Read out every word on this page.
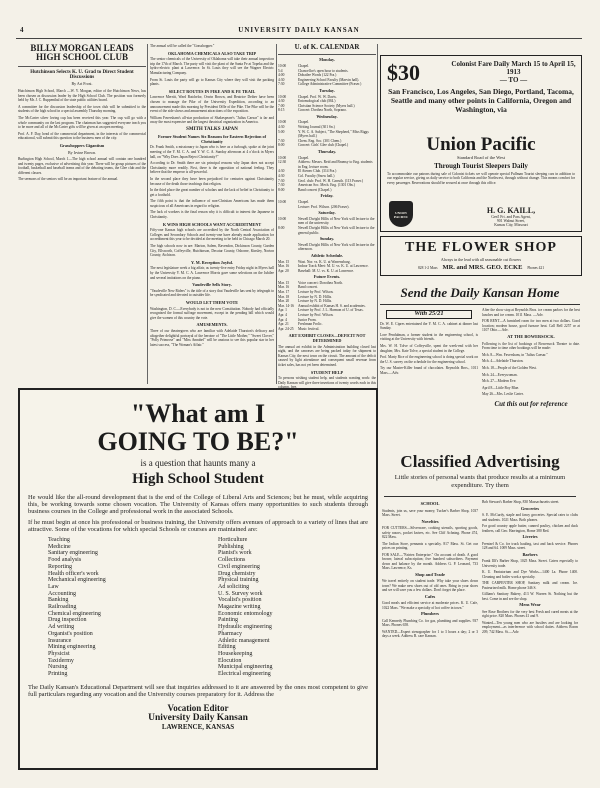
4	UNIVERSITY DAILY KANSAN
BILLY MORGAN LEADS HIGH SCHOOL CLUB
Hutchinson Selects K. U. Grad to Direct Student Discussions
By Art Frost.
Hutchinson High School, March —W. Y. Morgan, editor of the Hutchinson News, has been chosen as discussion leader by the High School Club. The position was formerly held by Mr. J. C. Ruppenthal of the state public utilities board.
A committee for the discussion leadership of the town club will be submitted to the students of the high school in a special assembly Thursday morning.
The McCarter silver loving cup has been received this year. The cup will go with a whole community on the last program. The chairman has suggested everyone teach you to be more and all of the McCarter gifts will be given at an open meeting.
Prof. A. F. Day, head of the commercial department, in the interests of the commercial educational, will submit this question to the business men of the city.
Grasshoppers Gigantism
By Irvine Brown.
Burlington High School, March 1—The high school annual will contain one hundred and twenty pages, exclusive of advertising this year. There will be group pictures of the football, basketball and baseball teams and of the debating teams, the Glee club and the different classes.
The sermons of the seniors will be an important feature of the annual.
The annual will be called the "Grasshopper."
OKLAHOMA CHEMICALS ALSO TAKE TRIP
The senior chemicals of the University of Oklahoma will take their annual inspection trip the 17th of March. The party will visit the plant of the Santa Fe at Topeka and the hydro-electric plant at Lawrence. In St. Louis they will see the Wagner Electric Manufacturing Company.
From St. Louis the party will go to Kansas City where they will visit the packing plants.
SELECT ROUTES IN FIKE AND K FE TRAIL
Lawrence Merritt, Ward Batchelor, Orwin Brown, and Beatrice Deiber have been chosen to manage the Pike of the University Expedition, according to an announcement made this morning by President Offle of the Pike. The Pike will be the event of the side shows and amusement attractions of the exposition.
William Faversham's all-star production of Shakespeare's "Julius Caesar" is far and away the most expensive and the largest theatrical organization in America.
SMITH TALKS JAPAN
Former Student Names Six Reasons for Eastern Rejection of Christianity
Dr. Frank Smith, a missionary to Japan who is here as a furlough, spoke at the joint meeting of the Y. M. C. A. and Y. W. C. A. Sunday afternoon at 4 o'clock in Myers hall, on "Why Does Japan Reject Christianity?"
According to Dr. Smith there are six principal reasons why Japan does not accept Christianity more readily. First, there is the opposition of national feeling. They believe that the emperor is all-powerful.
In the second place they have been prejudiced for centuries against Christianity because of the death those teachings that religion.
In the third place the great number of scholars and the lack of belief in Christianity to get a foothold.
The fifth point is that the influence of non-Christian Americans has made them suspicious of all Americans in regard to religion.
The lack of workers is the final reason why it is difficult to interest the Japanese in Christianity.
K WINS HIGH SCHOOLS WANT ACCREDITMENT
Fifty-one Kansas high schools are accredited by the North Central Association of Colleges and Secondary Schools and twenty-one have already made application for accreditment this year to be decided at the meeting to be held in Chicago March 20.
The high schools now in are: Marion, Salem, Ravendon, Dickinson County, Garden City, Ellsworth, Coffeyville, Hutchinson, Decatur County, Osborne, Kinsley, Norton County, Atchison.
Y. M. Reception Joyful.
The next legislature week a big affair, as twenty-five entry Friday night in Myers hall by the University Y. M. C. A. Lawrence Morris gave some selections on the Jubilee and several imitations on the piano.
Vaudeville Sells Story.
"Vaudeville New Riders" is the title of a story that Vaudeville has sent by telegraph to be syndicated and devoted to outsider life.
WOULD LET THEM VOTE
Washington, D. C.—Everybody is not in the new Constitution. Nobody had officially recognized the formal suffrage movement, except in the pending bill which would give the women of this country the vote.
AMUSEMENTS.
Three of our theatregoers who are familiar with Adelaide Thurston's delicacy and altogether delightful portrayal of the heroine of "The Little Mother," "Sweet Clover," "Polly Primrose" and "Miss Annabel" will be anxious to see this popular star in her latest success, "The Woman's Affair."
U. of K. CALENDAR
Monday.
10:00	Chapel.
5:4	Chancellor's open hour to students.
4:00	Dobatlee Words (122 Fra.)
4:30	Engineering School Faculty (Marvin hall).
7:30	College Administrative Committee (Fraser.)
Tuesday.
10:00	Chapel. Prof. W. W. Davis.
4:30	Entomological club (M4.)
7:00	Christian Science Society (Myers hall.)
8:15	Concert: Dorthea North, Soprano.
Wednesday.
10:00	Chapel.
4:30	Writing Journal (301 Sn.)
5:00	Y. W. C. A. Subject, "The Shepherd," Miss Riggs (Myers hall.)
7:30	Chem. Eng. Soc. (301 Chem.)
8:00	Concert: Girls' Glee club (Chapel.)
Thursday.
10:00	Chapel.
12:30	Address: Messrs. Reid and Bramsy to Eng. students in Eng. lecture room.
4:30	El Ateneo Club. (314 Fra.)
4:30	Col. Faculty (Snow hall.)
7:30	Geol. club: Prof. W. H. Carruth. (113 Fraser.)
7:30	American Soc. Mech. Eng. (1301 Obs.)
8:00	Band concert (Chapel.)
Friday.
10:00	Chapel.
Lecture: Prof. Wilson. (206 Fraser).
Saturday.
10:00	Newell Dwight Hillis of New York will lecture to the men of the university.
8:00	Newell Dwight Hillis of New York will lecture to the general public.
Sunday.
Newell Dwight Hillis of New York will lecture in the afternoon.
Athletic Schedule.
Mar. 15	Wast. Nor. vs. K. U. at Warrensburg.
Mar. 16	Indoor Track Meet: M. U. vs. K. U. at Lawrence.
Apr. 20	Baseball: M. U. vs. K. U. at Lawrence.
Future Events.
Mar. 15	Voice concert: Dorothea North.
Mar. 16	Band concert.
Mar. 17	Lecture by Prof. Wilson.
Mar. 18	Lecture by N. D. Hillis.
Mar. 20	Lecture by N. D. Hillis.
Mar. 14-16	Annual exhibit of Kansas H. S. and academies.
Apr. 1	Lecture by Prof. J. L. Harmon of U. of Texas.
Apr. 4	Lecture by Prof. Wilson.
Apr. 4	Junior Prom.
Apr. 21	Freshman Frolic.
Apr. 24-25	Music festival.
ART EXHIBIT CLOSES—DEFICIT NOT DETERMINED
The annual art exhibit in the Administration building closed last night, and the canvases are being packed today for shipment to Kansas City, the next town on the circuit. The amount of the deficit caused by light attendance and consequent small revenue from ticket sales, has not yet been determined.
STUDENT HELP
To persons wishing student help, and students wanting work: the Daily Kansan will give three insertions of twenty words each in this
$30	Colonist Fare Daily March 15 to April 15, 1913
— TO —
San Francisco, Los Angeles, San Diego, Portland, Tacoma, Seattle and many other points in California, Oregon and Washington, via
Union Pacific
Standard Road of the West
Through Tourist Sleepers Daily
To accommodate our patrons during sale of Colonist tickets we will operate special Pullman Tourist sleeping cars in addition to our regular service, giving us daily service to both California and the Northwest, through without change. This means comfort for every passenger. Reservations should be secured at once through this office.
UNION PACIFIC
H. G. KAILL,
Gen'l Frt. and Pass Agent,
901 Walnut Street,
Kansas City, Missouri
THE FLOWER SHOP
Always in the lead with all seasonable cut flowers
828 1-2 Mass MR. and MRS. GEO. ECKE Phones 421
Send the Daily Kansan Home
With 25/21
Dr. W. E. Cipres entertained the Y. M. C. A. cabinet at dinner last Sunday.
Lore Pendulman, a former student in the engineering school, is visiting at the University with friends.
Mrs. W. H. Tolve of Coffeyville, spent the week-end with her daughter, Mrs. Kate Tolve, a special student in the College.
Prof. Marty Rice of the engineering school is doing special work on the U. S. survey on the schedule for the engineering school.
Try our Master-Killer brand of chocolates. Reynolds Bros., 1011 Mass.—Adv.
After the show stop at Reynolds Bros. ice cream parlors for the best lunches and ice cream. 1011 Mass. —Adv.
FOR RENT—A furnished room for two men at two dollars. Good location; modern house, good furnace heat. Call Bell 2257 or at 1107 Ohio.—Adv.
AT THE BOWERSOCK.
Following is the list of bookings of Bowersock Theatre to date. From time to time other bookings will be made:
Mch. 8—Wm. Faversham, in "Julius Caesar."
Mch. 4—Adelaide Thurston.
Mch. 18—People of the Golden West.
Mch. 24—Everywoman.
Mch. 27—Modern Eve.
April 8—Little Boy Blue.
May 26—Mrs. Leslie Carter.
Cut this out for reference
Classified Advertising
Little stories of personal wants that produce results at a minimum expenditure. Try them
SCHOOL
Students, join us, save your money, Tucker's Barber Shop, 1037 Mass. Street.
Novelties
FOR CUTTERS—Silverware, cooking utensils, sporting goods, safety razors, pocket knives, etc. See Cliff Achning. Phone 474, 822 Mass.
The Indian Store, pennants a specialty. 817 Mass. St. Get our prices on printing.
FOR SALE—"Fairtex Enterprise." On account of death. A good brown; lateral subscription; five hundred subscribers. Payment down and balance by the month. Address G. P. Leonard, 733 Mass. Lawrence, Ks.
Shop and Trade
We travel entirely on student trade. Why take your shoes down town? We make new shoes out of old ones. Bring in your shoes and we will save you a few dollars. Don't forget the place.
Cafes
Good meals and efficient service at moderate prices. K. U. Cafe, 1022 Mass. "We make a specialty of hot coffee in town."
Plumbers
Call Kennedy Plumbing Co. for gas, plumbing and supplies. 937 Mass. Phones 658.
WANTED—Expert stenographer for 1 to 3 hours a day; 2 or 3 days a week. Address B. care Kansan.
Bob Stewart's Barber Shop, 830 Massachusetts street.
Groceries
S. E. McCurdy, staple and fancy groceries. Special rates to clubs and students. 1021 Mass. Both phones.
For good country apple butter, canned poultry, chicken and duck feathers, call Geo. Harrington, Home 380 Red.
Liveries
Frentzel & Co. for truck hauling, taxi and hack service. Phones 128 and 64. 1009 Mass. street.
Barbers
Frank Illf's Barber Shop, 1025 Mass. Street. Caters especially to University trade.
K. U. Pantatorium and Dye Works—1400 La. Phone 1400. Cleaning and boiler work a specialty.
THE CARPENTER SHOP, Sanitary milk and cream. Ice. Pasteurized milk. Home phone 346 S.
Gilliam's Sanitary Bakery, 413 W. Warren St. Nothing but the best. Come in and see the shop.
Mens Wear
See Rose Brothers for the very best Fresh and cured meats at the right price. 820 Mass. Phones 41 and 9.
Wanted—Ten young men who are hustlers and are looking for employment—as interference with school duties. Address Room 209, 742 Mass. St.—Adv.
"What am I
GOING TO BE?"
is a question that haunts many a
High School Student
He would like the all-round development that is the end of the College of Liberal Arts and Sciences; but he must, while acquiring this, be working towards some chosen vocation. The University of Kansas offers many opportunities to such students through business courses in the College and professional work in the associated Schools.
If he must begin at once his professional or business training, the University offers avenues of approach to a variety of lines that are attractive. Some of the vocations for which special Schools or courses are maintained are:
Teaching
Medicine
Sanitary engineering
Food analysis
Reporting
Health officer's work
Mechanical engineering
Law
Accounting
Banking
Railroading
Chemical engineering
Drug inspection
Ad writing
Organist's position
Insurance
Mining engineering
Physicist
Taxidermy
Nursing
Printing
Horticulture
Publishing
Pianist's work
Collections
Civil engineering
Drug chemistry
Physical training
Ad soliciting
U. S. Survey work
Vocalist's position
Magazine writing
Economic entomology
Painting
Hydraulic engineering
Pharmacy
Athletic management
Editing
Housekeeping
Elocution
Municipal engineering
Electrical engineering
The Daily Kansan's Educational Department will see that inquiries addressed to it are answered by the ones most competent to give full particulars regarding any vocation and the University courses preparatory for it. Address the
Vocation Editor
University Daily Kansan
LAWRENCE, KANSAS
